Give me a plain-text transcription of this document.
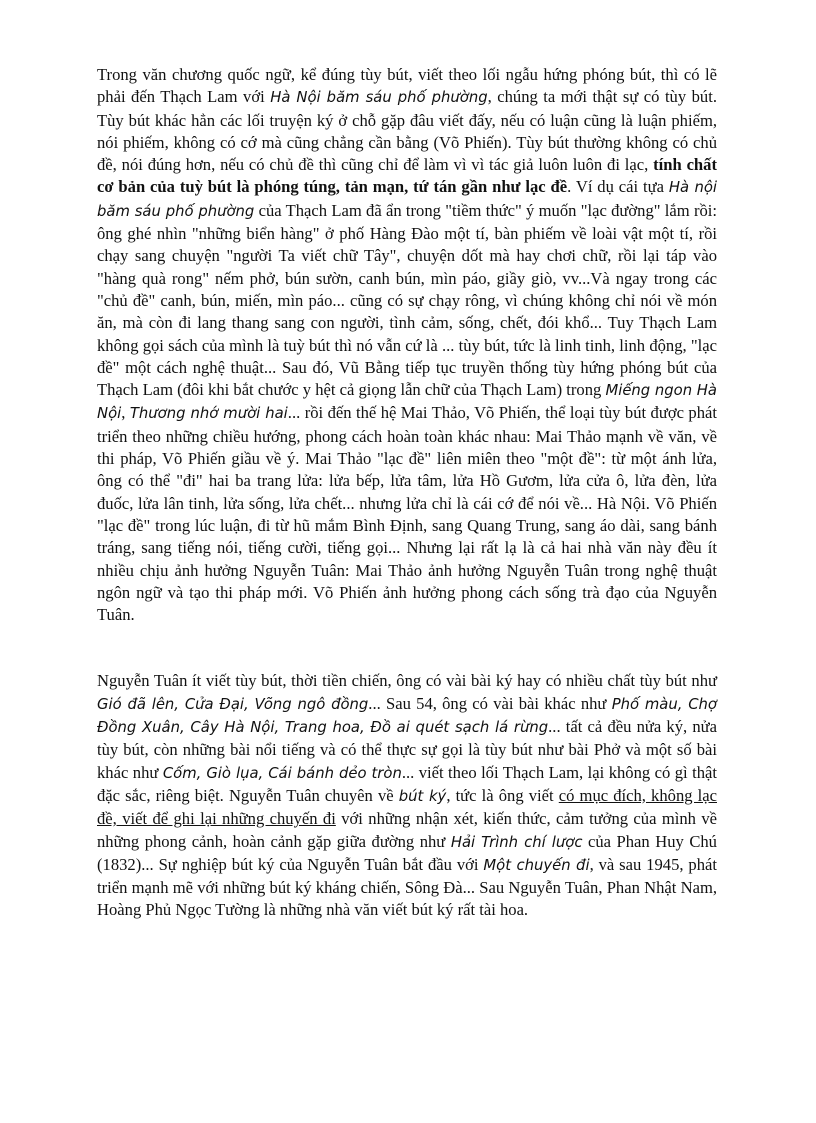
Trong văn chương quốc ngữ, kể đúng tùy bút, viết theo lối ngẫu hứng phóng bút, thì có lẽ phải đến Thạch Lam với Hà Nội băm sáu phố phường, chúng ta mới thật sự có tùy bút. Tùy bút khác hẳn các lối truyện ký ở chỗ gặp đâu viết đấy, nếu có luận cũng là luận phiếm, nói phiếm, không có cớ mà cũng chẳng cần bằng (Võ Phiến). Tùy bút thường không có chủ đề, nói đúng hơn, nếu có chủ đề thì cũng chỉ để làm vì vì tác giả luôn luôn đi lạc, tính chất cơ bản của tuỳ bút là phóng túng, tản mạn, tứ tán gần như lạc đề. Ví dụ cái tựa Hà nội băm sáu phố phường của Thạch Lam đã ẩn trong "tiềm thức" ý muốn "lạc đường" lắm rồi: ông ghé nhìn "những biển hàng" ở phố Hàng Đào một tí, bàn phiếm về loài vật một tí, rồi chạy sang chuyện "người Ta viết chữ Tây", chuyện dốt mà hay chơi chữ, rồi lại táp vào "hàng quà rong" nếm phở, bún sườn, canh bún, mìn páo, giầy giò, vv...Và ngay trong các "chủ đề" canh, bún, miến, mìn páo... cũng có sự chạy rông, vì chúng không chỉ nói về món ăn, mà còn đi lang thang sang con người, tình cảm, sống, chết, đói khổ... Tuy Thạch Lam không gọi sách của mình là tuỳ bút thì nó vẫn cứ là ... tùy bút, tức là linh tinh, linh động, "lạc đề" một cách nghệ thuật... Sau đó, Vũ Bằng tiếp tục truyền thống tùy hứng phóng bút của Thạch Lam (đôi khi bắt chước y hệt cả giọng lẫn chữ của Thạch Lam) trong Miếng ngon Hà Nội, Thương nhớ mười hai... rồi đến thế hệ Mai Thảo, Võ Phiến, thể loại tùy bút được phát triển theo những chiều hướng, phong cách hoàn toàn khác nhau: Mai Thảo mạnh về văn, về thi pháp, Võ Phiến giầu về ý. Mai Thảo "lạc đề" liên miên theo "một đề": từ một ánh lửa, ông có thể "đi" hai ba trang lửa: lửa bếp, lửa tâm, lửa Hồ Gươm, lửa cửa ô, lửa đèn, lửa đuốc, lửa lân tinh, lửa sống, lửa chết... nhưng lửa chỉ là cái cớ để nói về... Hà Nội. Võ Phiến "lạc đề" trong lúc luận, đi từ hũ mắm Bình Định, sang Quang Trung, sang áo dài, sang bánh tráng, sang tiếng nói, tiếng cười, tiếng gọi... Nhưng lại rất lạ là cả hai nhà văn này đều ít nhiều chịu ảnh hưởng Nguyễn Tuân: Mai Thảo ảnh hưởng Nguyễn Tuân trong nghệ thuật ngôn ngữ và tạo thi pháp mới. Võ Phiến ảnh hưởng phong cách sống trà đạo của Nguyễn Tuân.

Nguyễn Tuân ít viết tùy bút, thời tiền chiến, ông có vài bài ký hay có nhiều chất tùy bút như Gió đã lên, Cửa Đại, Võng ngô đồng... Sau 54, ông có vài bài khác như Phố màu, Chợ Đồng Xuân, Cây Hà Nội, Trang hoa, Đồ ai quét sạch lá rừng... tất cả đều nửa ký, nửa tùy bút, còn những bài nổi tiếng và có thể thực sự gọi là tùy bút như bài Phở và một số bài khác như Cốm, Giò lụa, Cái bánh dẻo tròn... viết theo lối Thạch Lam, lại không có gì thật đặc sắc, riêng biệt. Nguyễn Tuân chuyên về bút ký, tức là ông viết có mục đích, không lạc đề, viết để ghi lại những chuyến đi với những nhận xét, kiến thức, cảm tưởng của mình về những phong cảnh, hoàn cảnh gặp giữa đường như Hải Trình chí lược của Phan Huy Chú (1832)... Sự nghiệp bút ký của Nguyễn Tuân bắt đầu với Một chuyến đi, và sau 1945, phát triển mạnh mẽ với những bút ký kháng chiến, Sông Đà... Sau Nguyễn Tuân, Phan Nhật Nam, Hoàng Phủ Ngọc Tường là những nhà văn viết bút ký rất tài hoa.
